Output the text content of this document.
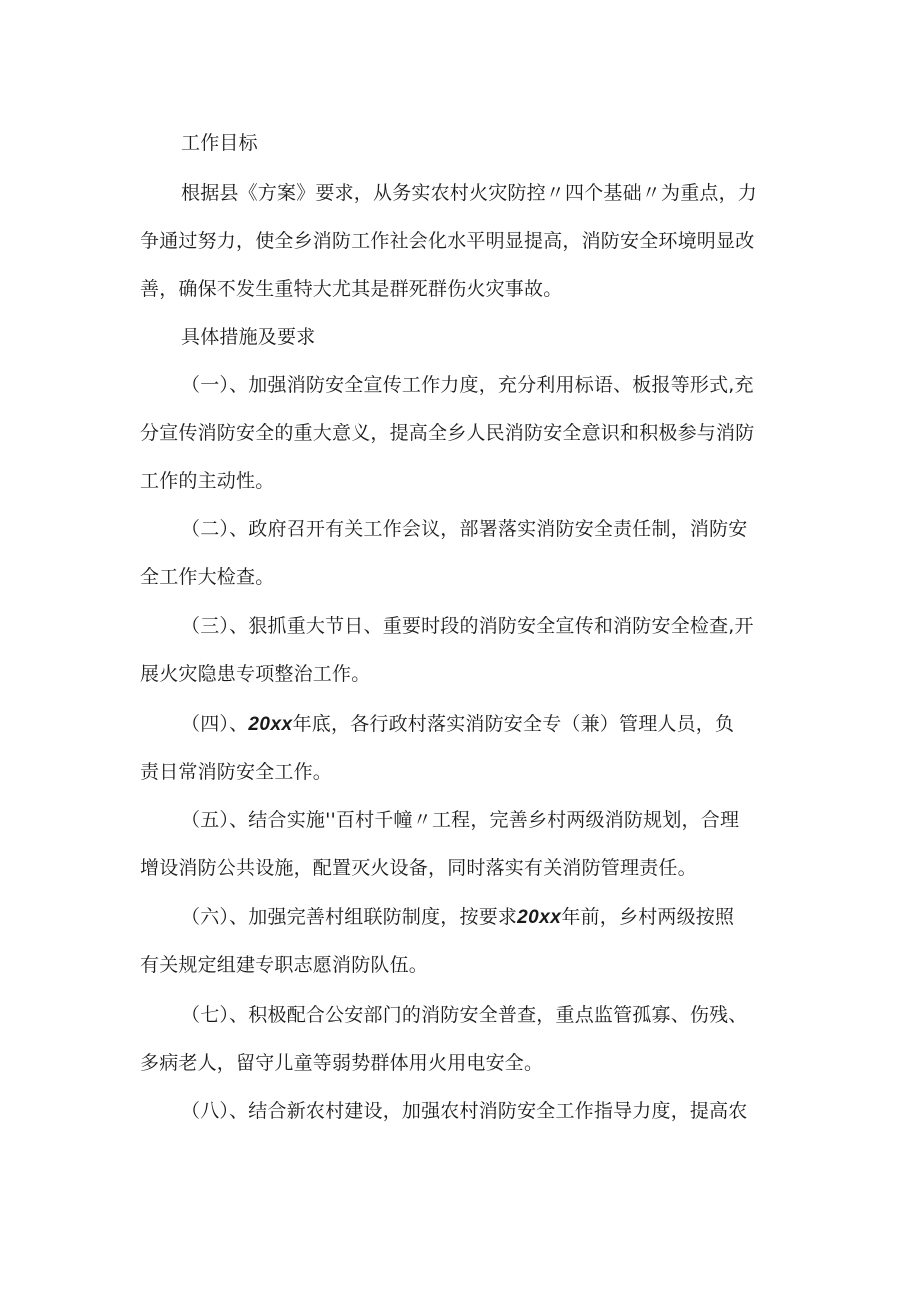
工作目标
根据县《方案》要求，从务实农村火灾防控〃四个基础〃为重点，力
争通过努力，使全乡消防工作社会化水平明显提高，消防安全环境明显改
善，确保不发生重特大尤其是群死群伤火灾事故。
具体措施及要求
（一）、加强消防安全宣传工作力度，充分利用标语、板报等形式,充
分宣传消防安全的重大意义，提高全乡人民消防安全意识和积极参与消防
工作的主动性。
（二）、政府召开有关工作会议，部署落实消防安全责任制，消防安
全工作大检查。
（三）、狠抓重大节日、重要时段的消防安全宣传和消防安全检查,开
展火灾隐患专项整治工作。
（四）、20xx年底，各行政村落实消防安全专（兼）管理人员，负
责日常消防安全工作。
（五）、结合实施''百村千幢〃工程，完善乡村两级消防规划，合理
增设消防公共设施，配置灭火设备，同时落实有关消防管理责任。
（六）、加强完善村组联防制度，按要求20xx年前，乡村两级按照
有关规定组建专职志愿消防队伍。
（七）、积极配合公安部门的消防安全普查，重点监管孤寡、伤残、
多病老人，留守儿童等弱势群体用火用电安全。
（八）、结合新农村建设，加强农村消防安全工作指导力度，提高农
